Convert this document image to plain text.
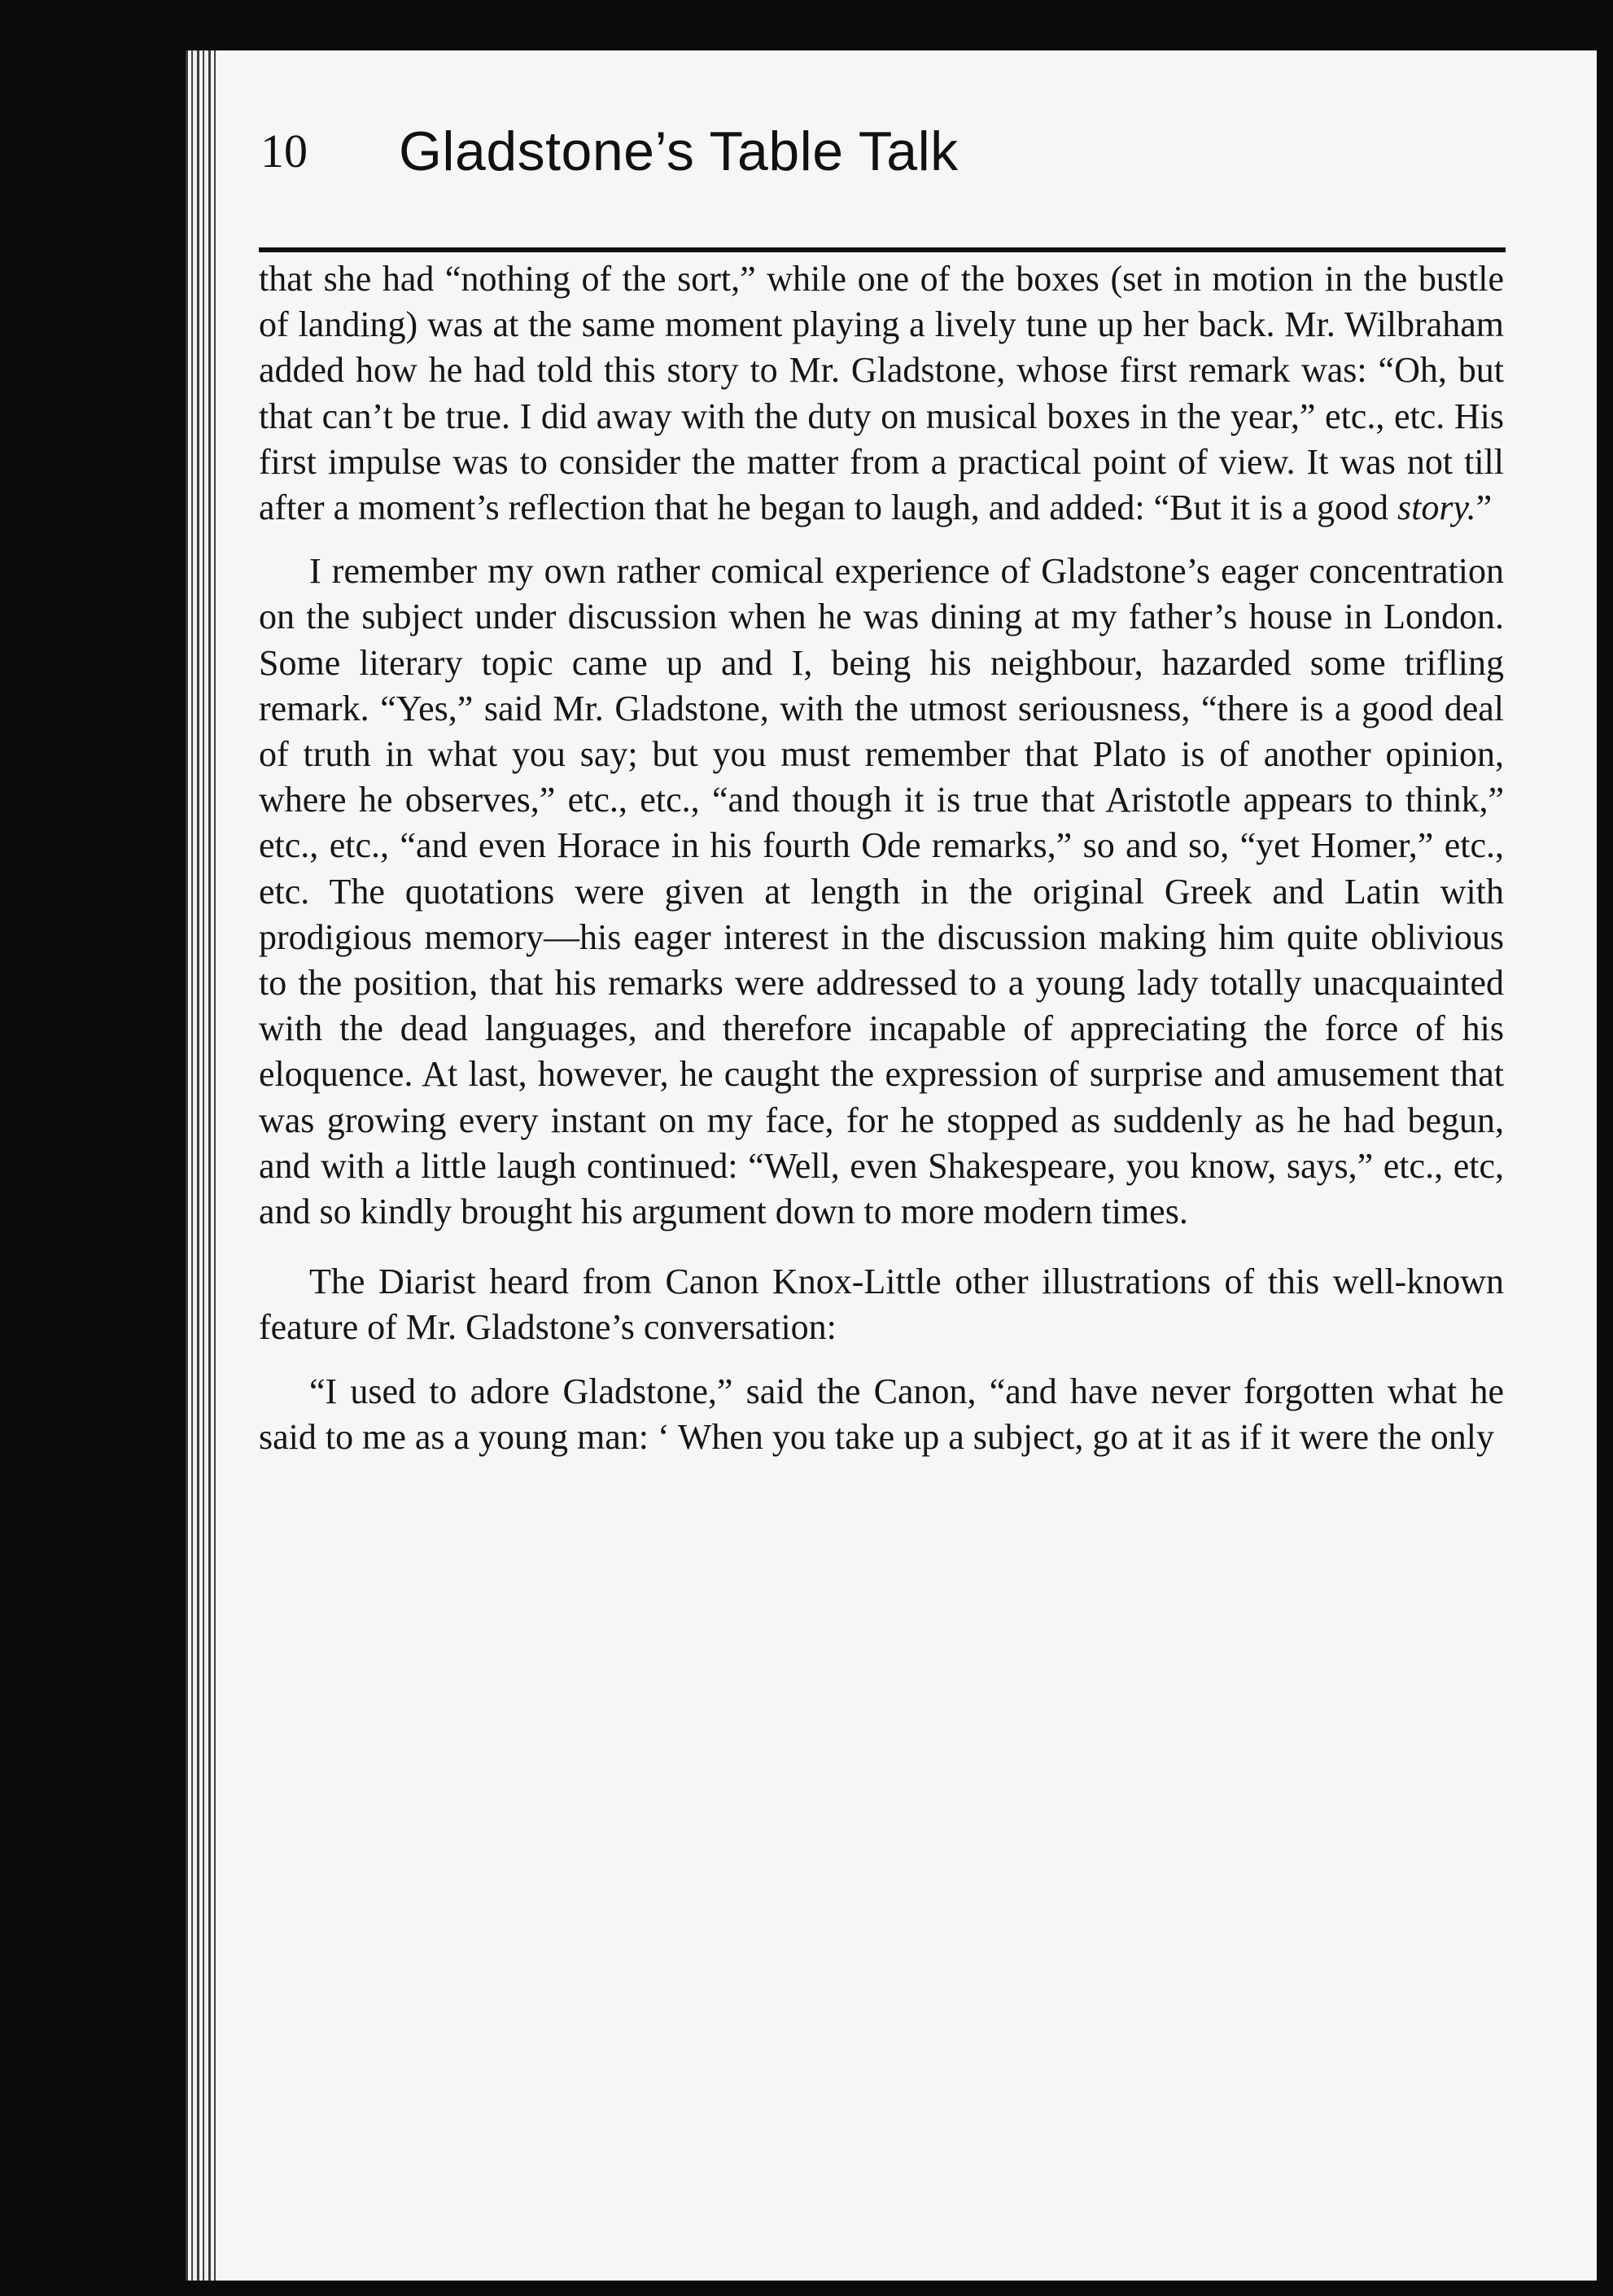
10 Gladstone’s Table Talk

that she had “nothing of the sort,” while one of the boxes (set in motion in the bustle of landing) was at the same moment playing a lively tune up her back. Mr. Wilbraham added how he had told this story to Mr. Gladstone, whose first remark was: “Oh, but that can’t be true. I did away with the duty on musical boxes in the year,” etc., etc. His first impulse was to consider the matter from a practical point of view. It was not till after a moment’s reflection that he began to laugh, and added: “But it is a good story.”

I remember my own rather comical experience of Gladstone’s eager concentration on the subject under discussion when he was dining at my father’s house in London. Some literary topic came up and I, being his neighbour, hazarded some trifling remark. “Yes,” said Mr. Gladstone, with the utmost seriousness, “there is a good deal of truth in what you say; but you must remember that Plato is of another opinion, where he observes,” etc., etc., “and though it is true that Aristotle appears to think,” etc., etc., “and even Horace in his fourth Ode remarks,” so and so, “yet Homer,” etc., etc. The quotations were given at length in the original Greek and Latin with prodigious memory—his eager interest in the discussion making him quite oblivious to the position, that his remarks were addressed to a young lady totally unacquainted with the dead languages, and therefore incapable of appreciating the force of his eloquence. At last, however, he caught the expression of surprise and amusement that was growing every instant on my face, for he stopped as suddenly as he had begun, and with a little laugh continued: “Well, even Shakespeare, you know, says,” etc., etc, and so kindly brought his argument down to more modern times.

The Diarist heard from Canon Knox-Little other illustrations of this well-known feature of Mr. Gladstone’s conversation:

“I used to adore Gladstone,” said the Canon, “and have never forgotten what he said to me as a young man: ‘ When you take up a subject, go at it as if it were the only
